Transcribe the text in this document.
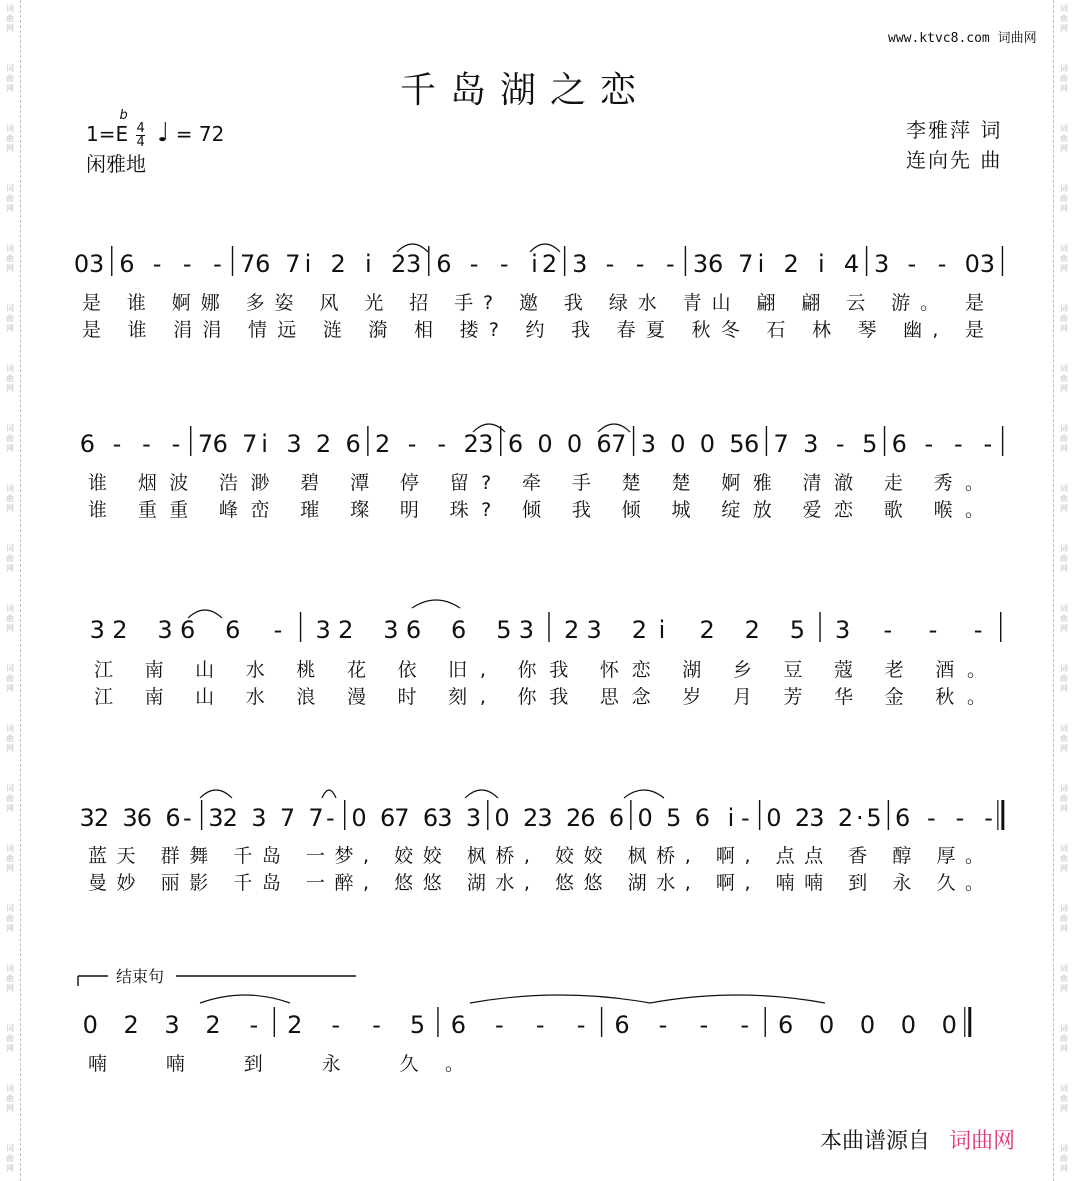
词
曲
网
词
曲
网
词
曲
网
词
曲
网
词
曲
网
词
曲
网
词
曲
网
词
曲
网
词
曲
网
词
曲
网
词
曲
网
词
曲
网
词
曲
网
词
曲
网
词
曲
网
词
曲
网
词
曲
网
词
曲
网
词
曲
网
词
曲
网
词
曲
网
词
曲
网
词
曲
网
词
曲
网
词
曲
网
词
曲
网
词
曲
网
词
曲
网
词
曲
网
词
曲
网
词
曲
网
词
曲
网
词
曲
网
词
曲
网
词
曲
网
词
曲
网
词
曲
网
词
曲
网
词
曲
网
词
曲
网
www.ktvc8.com 词曲网
千岛湖之恋
1=
b
E $\frac{4}{4}$ ♩ = 72
闲雅地
李雅萍 词
连向先 曲
0 3 6 - - - 7 6 7 i 2 i 2 3 6 - - i 2 3 - - - 3 6 7 i 2 i 4 3 - - 0 3
是 谁 婀娜 多姿 风 光 招 手? 邀 我 绿水 青山 翩 翩 云 游。 是
是 谁 涓涓 情远 涟 漪 相 搂? 约 我 春夏 秋冬 石 林 琴 幽, 是
6 - - - 7 6 7 i 3 2 6 2 - - 2 3 6 0 0 6 7 3 0 0 5 6 7 3 - 5 6 - - -
谁 烟波 浩渺 碧 潭 停 留? 牵 手 楚 楚 婀雅 清澈 走 秀。
谁 重重 峰峦 璀 璨 明 珠? 倾 我 倾 城 绽放 爱恋 歌 喉。
3 2 3 6 6 - 3 2 3 6 6 5 3 2 3 2 i 2 2 5 3 - - -
江 南 山 水 桃 花 依 旧, 你我 怀恋 湖 乡 豆 蔻 老 酒。
江 南 山 水 浪 漫 时 刻, 你我 思念 岁 月 芳 华 金 秋。
3 2 3 6 6 - 3 2 3 7 7 - 0 6 7 6 3 3 0 2 3 2 6 6 0 5 6 i - 0 2 3 2 · 5 6 - - -
蓝天 群舞 千岛 一梦, 姣姣 枫桥, 姣姣 枫桥, 啊, 点点 香 醇 厚。
曼妙 丽影 千岛 一醉, 悠悠 湖水, 悠悠 湖水, 啊, 喃喃 到 永 久。
0 2 3 2 - 2 - - 5 6 - - - 6 - - - 6 0 0 0 0
喃 喃 到 永 久。
结束句
本曲谱源自 词曲网
